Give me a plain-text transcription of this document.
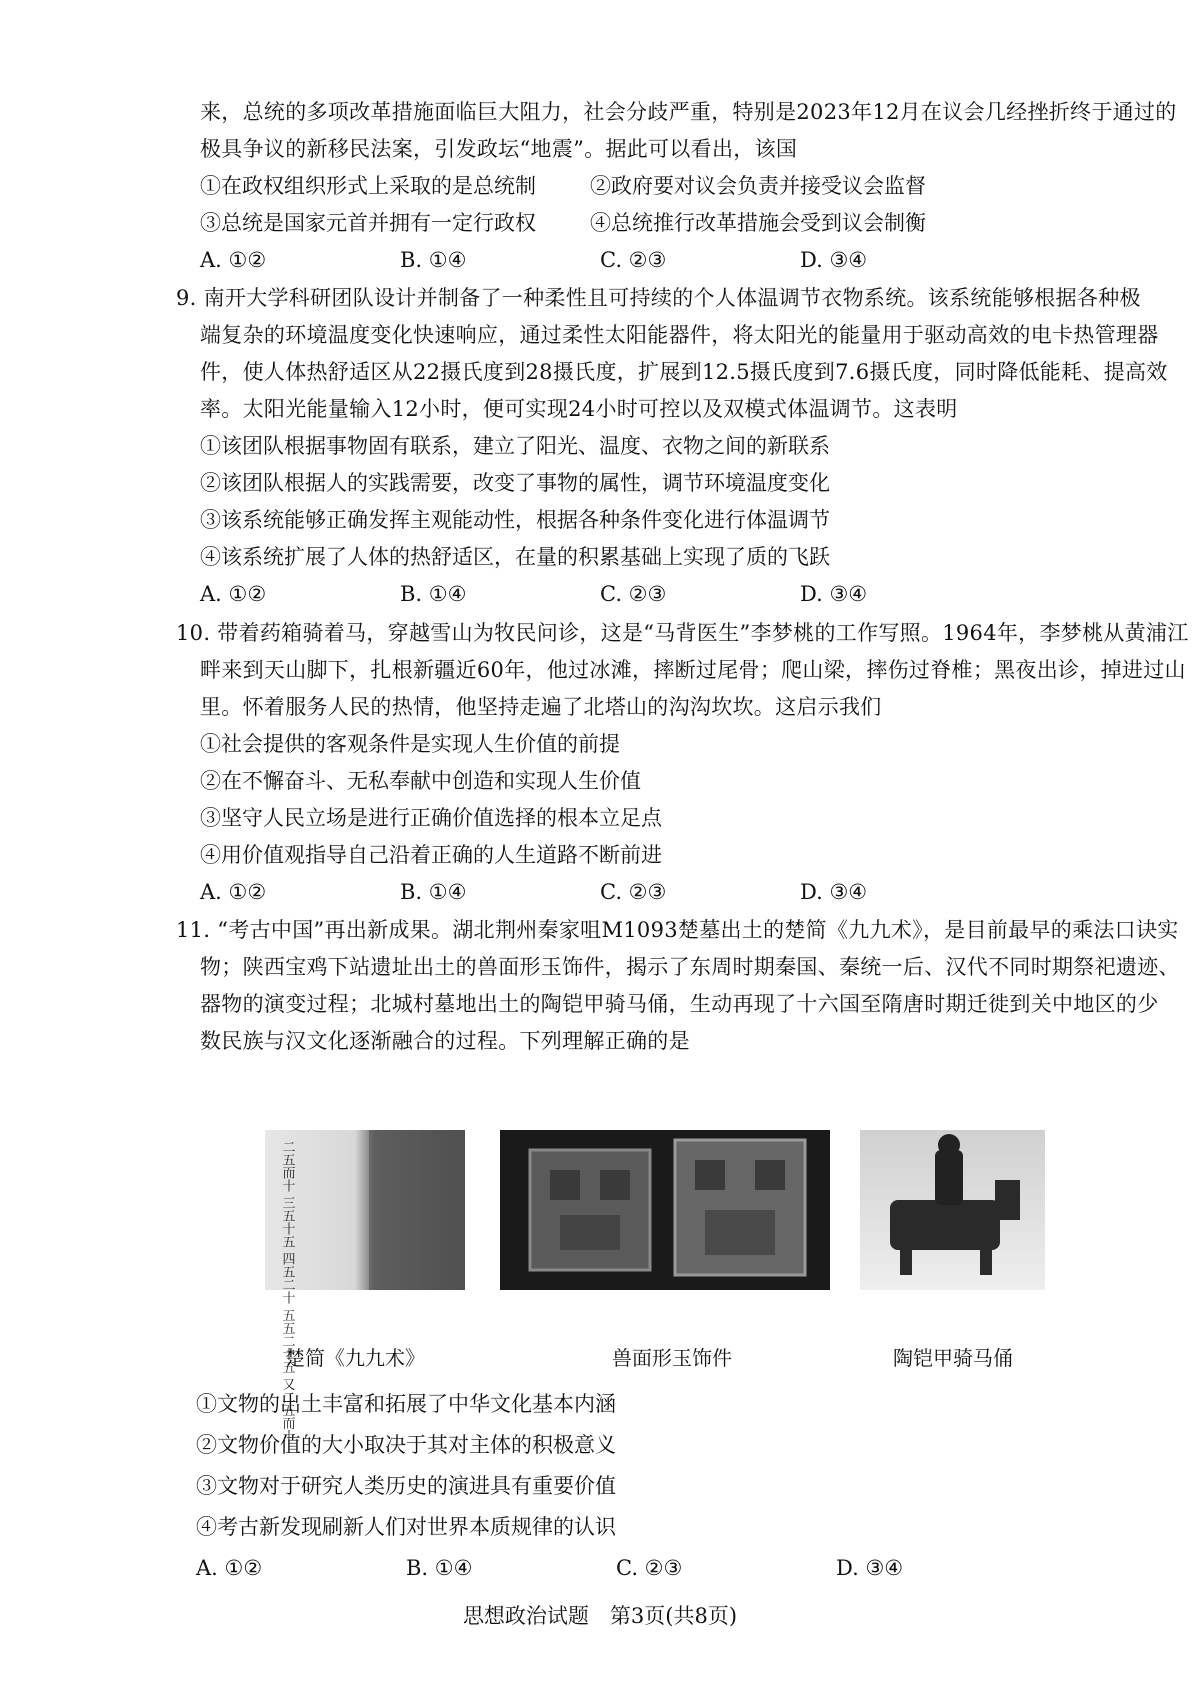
来，总统的多项改革措施面临巨大阻力，社会分歧严重，特别是2023年12月在议会几经挫折终于通过的
极具争议的新移民法案，引发政坛“地震”。据此可以看出，该国
①在政权组织形式上采取的是总统制	②政府要对议会负责并接受议会监督
③总统是国家元首并拥有一定行政权	④总统推行改革措施会受到议会制衡
A. ①②	B. ①④	C. ②③	D. ③④
9. 南开大学科研团队设计并制备了一种柔性且可持续的个人体温调节衣物系统。该系统能够根据各种极
端复杂的环境温度变化快速响应，通过柔性太阳能器件，将太阳光的能量用于驱动高效的电卡热管理器
件，使人体热舒适区从22摄氏度到28摄氏度，扩展到12.5摄氏度到7.6摄氏度，同时降低能耗、提高效
率。太阳光能量输入12小时，便可实现24小时可控以及双模式体温调节。这表明
①该团队根据事物固有联系，建立了阳光、温度、衣物之间的新联系
②该团队根据人的实践需要，改变了事物的属性，调节环境温度变化
③该系统能够正确发挥主观能动性，根据各种条件变化进行体温调节
④该系统扩展了人体的热舒适区，在量的积累基础上实现了质的飞跃
A. ①②	B. ①④	C. ②③	D. ③④
10. 带着药箱骑着马，穿越雪山为牧民问诊，这是“马背医生”李梦桃的工作写照。1964年，李梦桃从黄浦江
畔来到天山脚下，扎根新疆近60年，他过冰滩，摔断过尾骨；爬山梁，摔伤过脊椎；黑夜出诊，掉进过山
里。怀着服务人民的热情，他坚持走遍了北塔山的沟沟坎坎。这启示我们
①社会提供的客观条件是实现人生价值的前提
②在不懈奋斗、无私奉献中创造和实现人生价值
③坚守人民立场是进行正确价值选择的根本立足点
④用价值观指导自己沿着正确的人生道路不断前进
A. ①②	B. ①④	C. ②③	D. ③④
11. “考古中国”再出新成果。湖北荆州秦家咀M1093楚墓出土的楚简《九九术》，是目前最早的乘法口诀实
物；陕西宝鸡下站遗址出土的兽面形玉饰件，揭示了东周时期秦国、秦统一后、汉代不同时期祭祀遗迹、
器物的演变过程；北城村墓地出土的陶铠甲骑马俑，生动再现了十六国至隋唐时期迁徙到关中地区的少
数民族与汉文化逐渐融合的过程。下列理解正确的是
二五而十 三五十五 四五二十 五五二十五 又二五而十
楚简《九九术》	兽面形玉饰件	陶铠甲骑马俑
①文物的出土丰富和拓展了中华文化基本内涵
②文物价值的大小取决于其对主体的积极意义
③文物对于研究人类历史的演进具有重要价值
④考古新发现刷新人们对世界本质规律的认识
A. ①②	B. ①④	C. ②③	D. ③④
思想政治试题　第3页(共8页)
